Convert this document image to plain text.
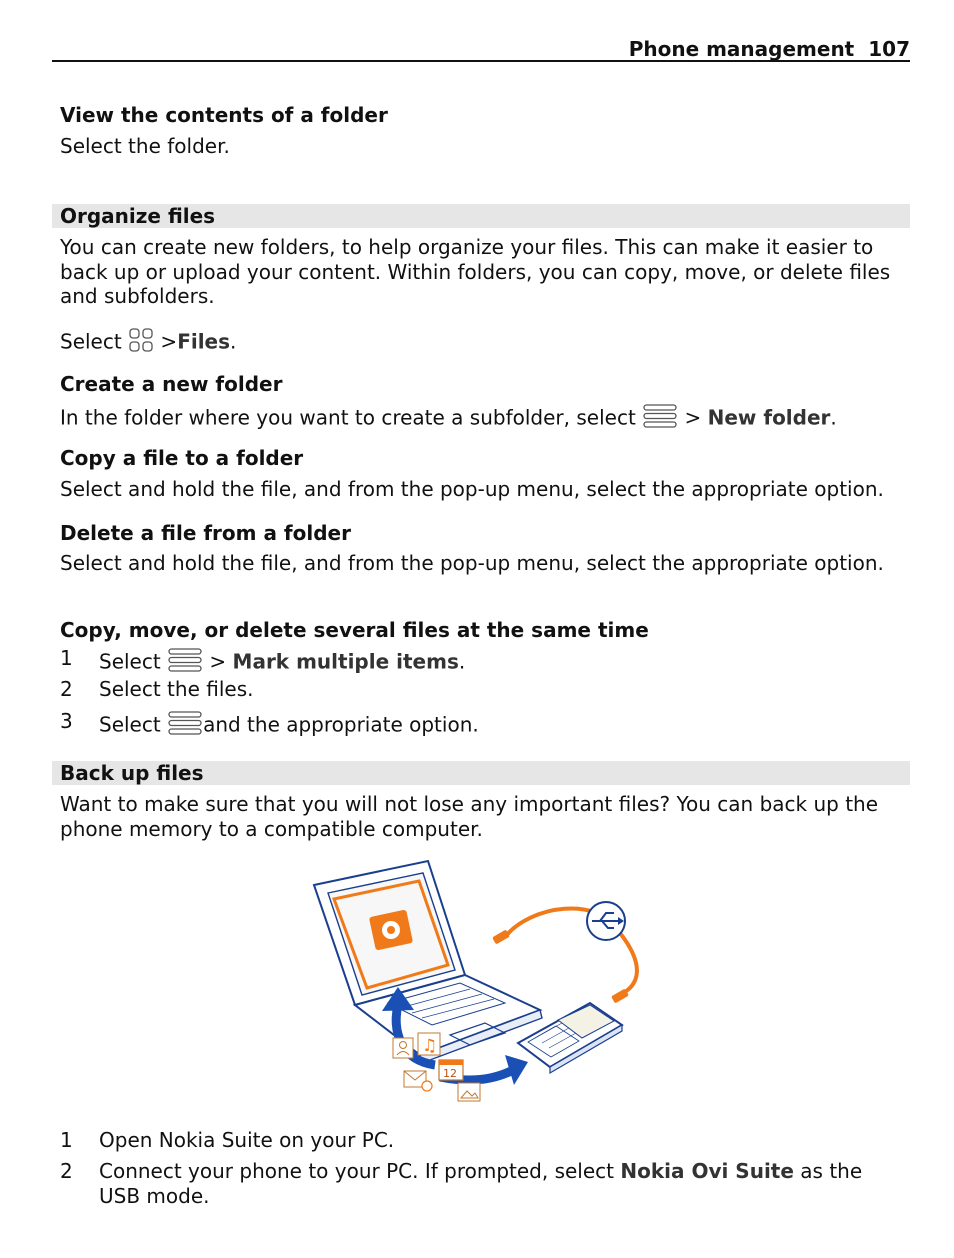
Phone management 107
View the contents of a folder
Select the folder.
Organize files
You can create new folders, to help organize your files. This can make it easier to back up or upload your content. Within folders, you can copy, move, or delete files and subfolders.
Select >Files.
Create a new folder
In the folder where you want to create a subfolder, select > New folder.
Copy a file to a folder
Select and hold the file, and from the pop-up menu, select the appropriate option.
Delete a file from a folder
Select and hold the file, and from the pop-up menu, select the appropriate option.
Copy, move, or delete several files at the same time
1 Select > Mark multiple items.
2 Select the files.
3 Select and the appropriate option.
Back up files
Want to make sure that you will not lose any important files? You can back up the phone memory to a compatible computer.
♫
12
1 Open Nokia Suite on your PC.
2 Connect your phone to your PC. If prompted, select Nokia Ovi Suite as the USB mode.
